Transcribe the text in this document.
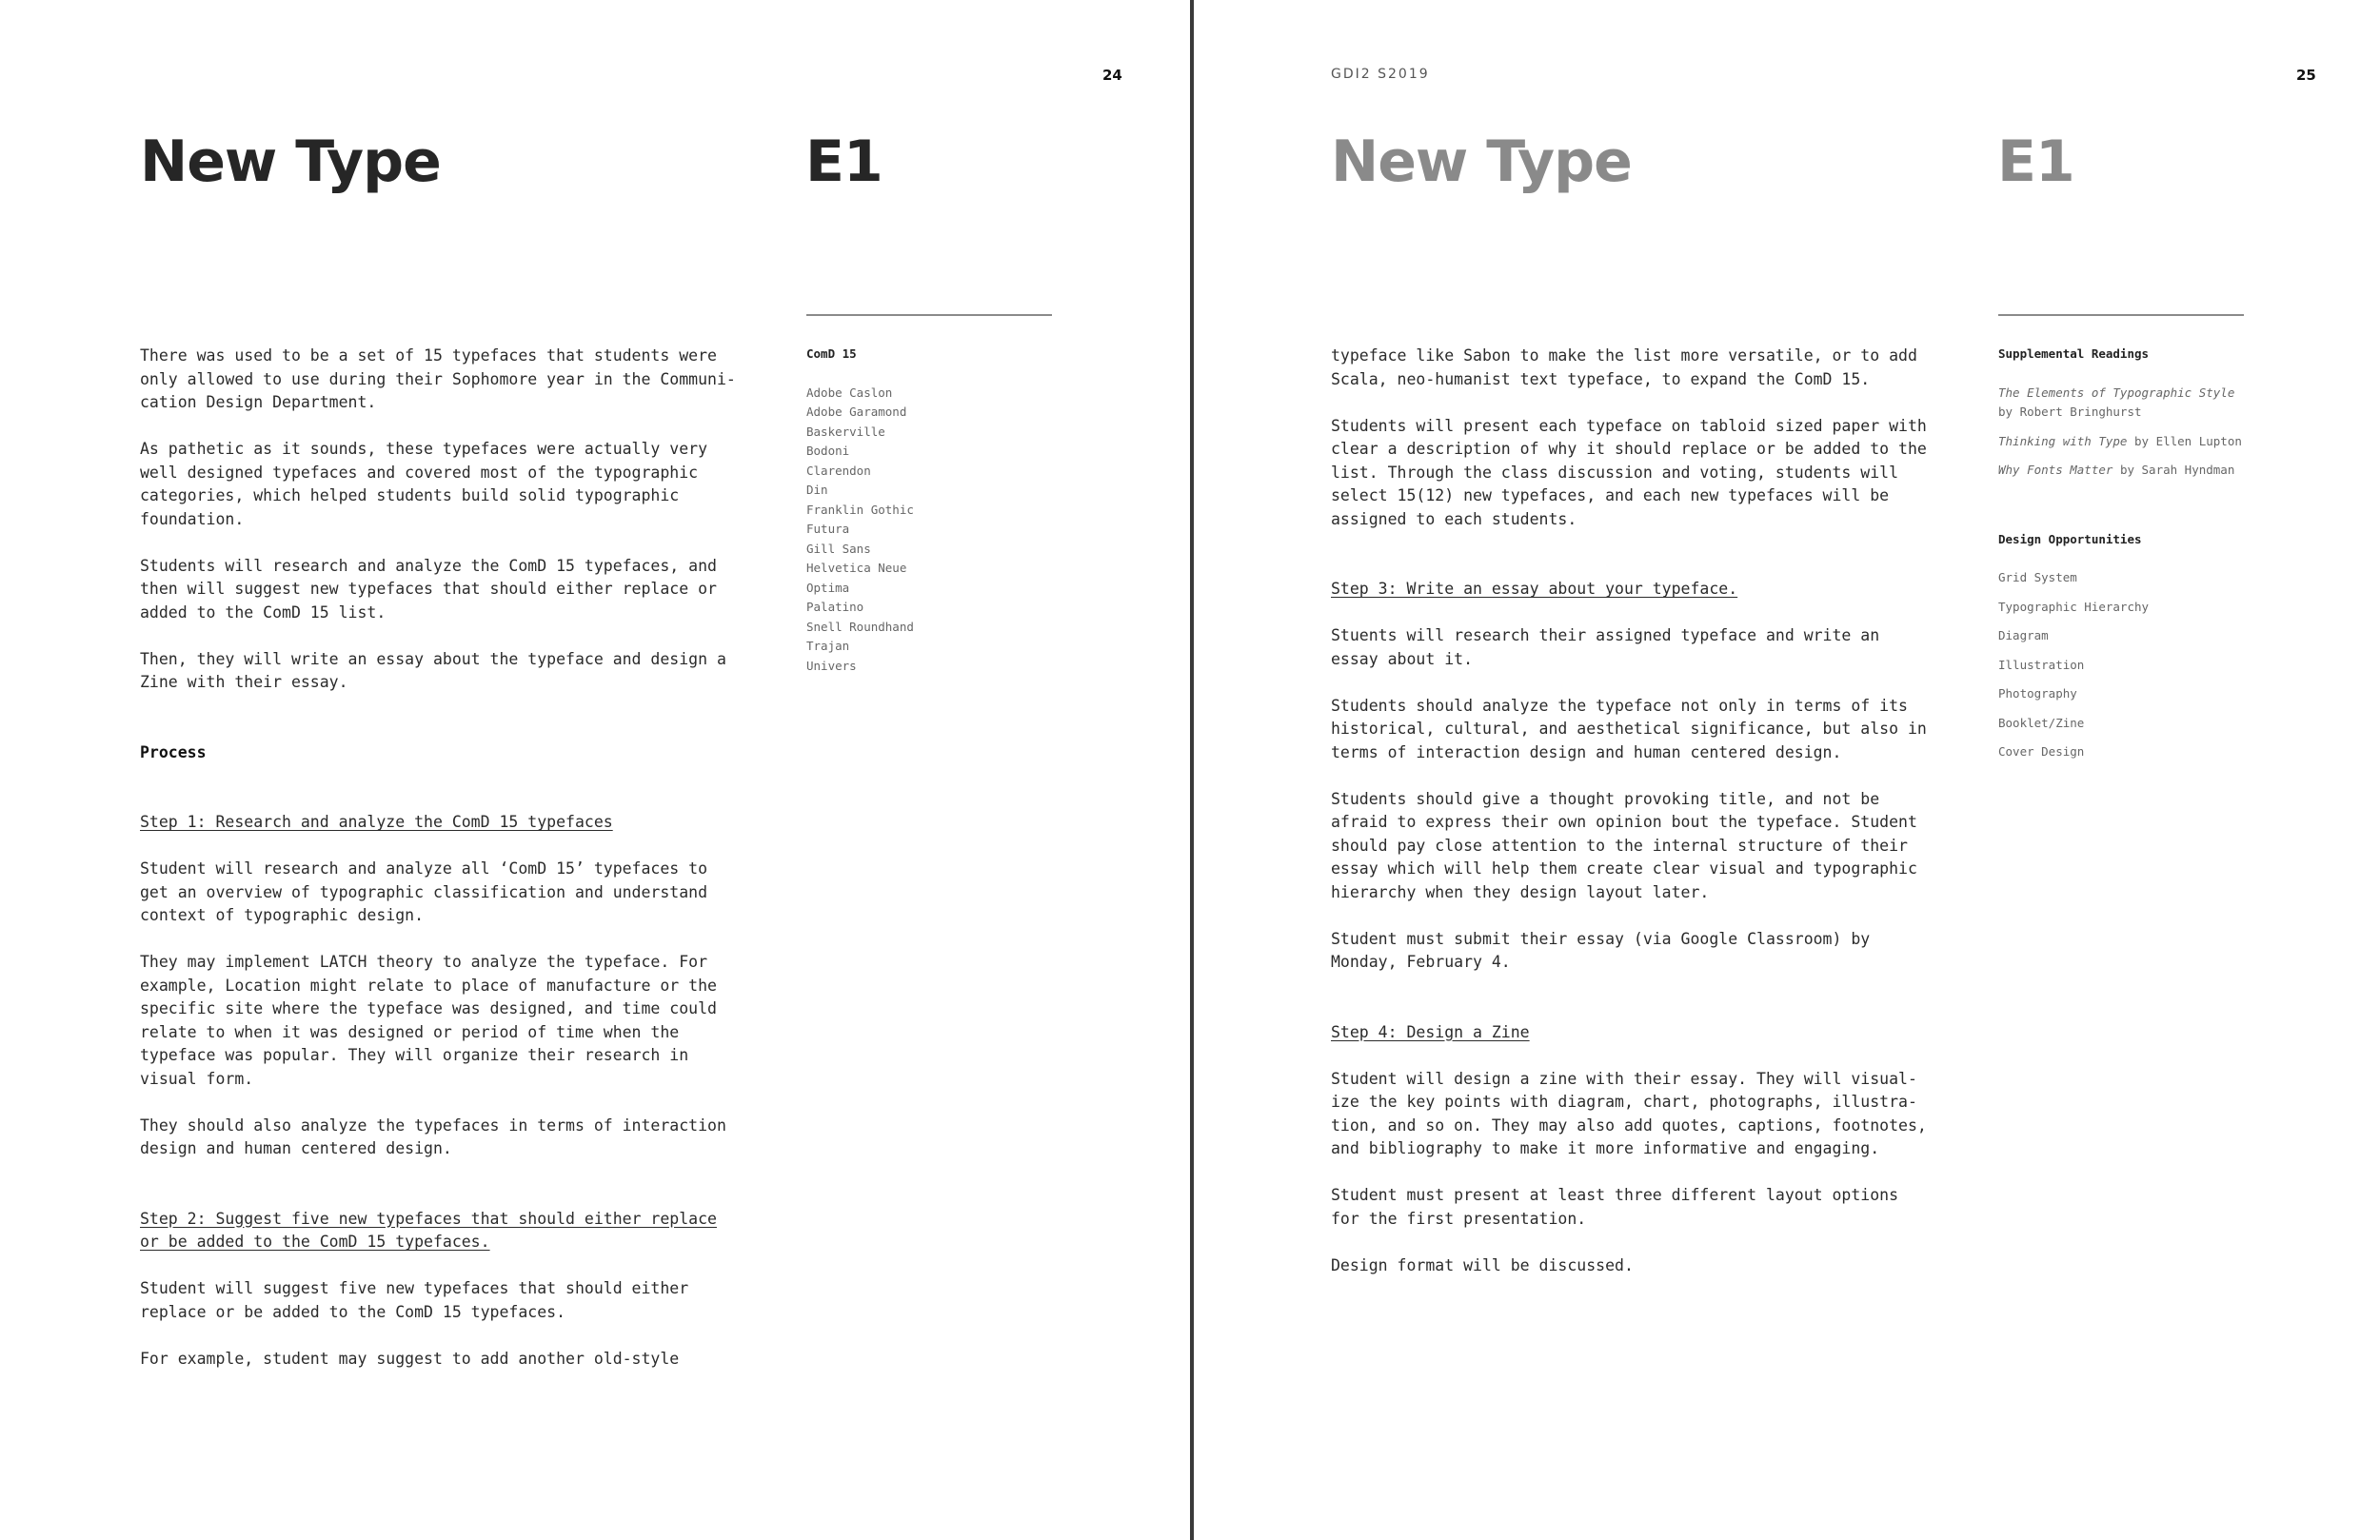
24
New Type	E1

There was used to be a set of 15 typefaces that students were
only allowed to use during their Sophomore year in the Communi-
cation Design Department.

As pathetic as it sounds, these typefaces were actually very
well designed typefaces and covered most of the typographic
categories, which helped students build solid typographic
foundation.

Students will research and analyze the ComD 15 typefaces, and
then will suggest new typefaces that should either replace or
added to the ComD 15 list.

Then, they will write an essay about the typeface and design a
Zine with their essay.

Process

Step 1: Research and analyze the ComD 15 typefaces

Student will research and analyze all ‘ComD 15’ typefaces to
get an overview of typographic classification and understand
context of typographic design.

They may implement LATCH theory to analyze the typeface. For
example, Location might relate to place of manufacture or the
specific site where the typeface was designed, and time could
relate to when it was designed or period of time when the
typeface was popular. They will organize their research in
visual form.

They should also analyze the typefaces in terms of interaction
design and human centered design.

Step 2: Suggest five new typefaces that should either replace
or be added to the ComD 15 typefaces.

Student will suggest five new typefaces that should either
replace or be added to the ComD 15 typefaces.

For example, student may suggest to add another old-style

ComD 15
Adobe Caslon
Adobe Garamond
Baskerville
Bodoni
Clarendon
Din
Franklin Gothic
Futura
Gill Sans
Helvetica Neue
Optima
Palatino
Snell Roundhand
Trajan
Univers
GDI2 S2019	25
New Type	E1

typeface like Sabon to make the list more versatile, or to add
Scala, neo-humanist text typeface, to expand the ComD 15.

Students will present each typeface on tabloid sized paper with
clear a description of why it should replace or be added to the
list. Through the class discussion and voting, students will
select 15(12) new typefaces, and each new typefaces will be
assigned to each students.

Step 3: Write an essay about your typeface.

Stuents will research their assigned typeface and write an
essay about it.

Students should analyze the typeface not only in terms of its
historical, cultural, and aesthetical significance, but also in
terms of interaction design and human centered design.

Students should give a thought provoking title, and not be
afraid to express their own opinion bout the typeface. Student
should pay close attention to the internal structure of their
essay which will help them create clear visual and typographic
hierarchy when they design layout later.

Student must submit their essay (via Google Classroom) by
Monday, February 4.

Step 4: Design a Zine

Student will design a zine with their essay. They will visual-
ize the key points with diagram, chart, photographs, illustra-
tion, and so on. They may also add quotes, captions, footnotes,
and bibliography to make it more informative and engaging.

Student must present at least three different layout options
for the first presentation.

Design format will be discussed.

Supplemental Readings
The Elements of Typographic Style
by Robert Bringhurst
Thinking with Type by Ellen Lupton
Why Fonts Matter by Sarah Hyndman
Design Opportunities
Grid System
Typographic Hierarchy
Diagram
Illustration
Photography
Booklet/Zine
Cover Design
